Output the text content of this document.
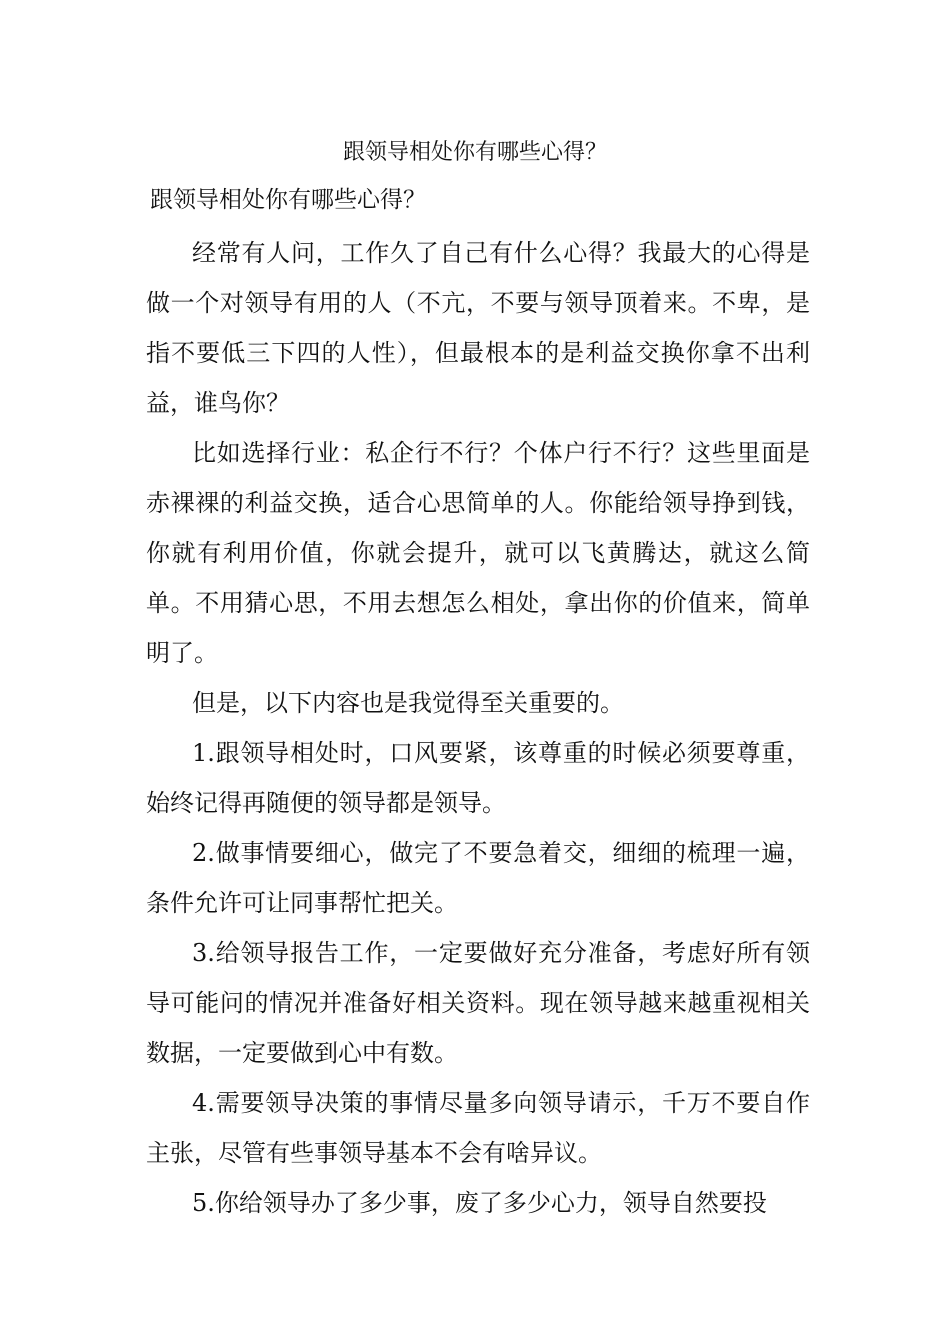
跟领导相处你有哪些心得？

跟领导相处你有哪些心得？

经常有人问，工作久了自己有什么心得？我最大的心得是做一个对领导有用的人（不亢，不要与领导顶着来。不卑，是指不要低三下四的人性），但最根本的是利益交换你拿不出利益，谁鸟你？

比如选择行业：私企行不行？个体户行不行？这些里面是赤裸裸的利益交换，适合心思简单的人。你能给领导挣到钱，你就有利用价值，你就会提升，就可以飞黄腾达，就这么简单。不用猜心思，不用去想怎么相处，拿出你的价值来，简单明了。

但是，以下内容也是我觉得至关重要的。

1.跟领导相处时，口风要紧，该尊重的时候必须要尊重，始终记得再随便的领导都是领导。

2.做事情要细心，做完了不要急着交，细细的梳理一遍，条件允许可让同事帮忙把关。

3.给领导报告工作，一定要做好充分准备，考虑好所有领导可能问的情况并准备好相关资料。现在领导越来越重视相关数据，一定要做到心中有数。

4.需要领导决策的事情尽量多向领导请示，千万不要自作主张，尽管有些事领导基本不会有啥异议。

5.你给领导办了多少事，废了多少心力，领导自然要投
